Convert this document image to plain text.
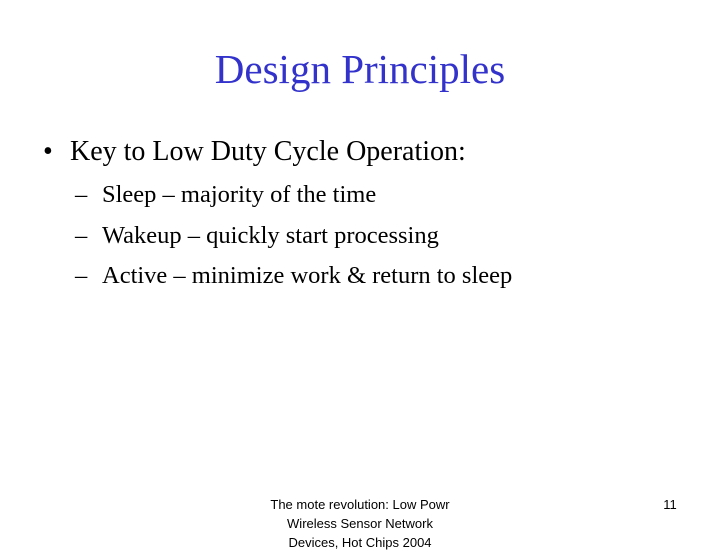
Design Principles
• Key to Low Duty Cycle Operation:
– Sleep – majority of the time
– Wakeup – quickly start processing
– Active – minimize work & return to sleep
The mote revolution: Low Powr
Wireless Sensor Network
Devices, Hot Chips 2004
11
